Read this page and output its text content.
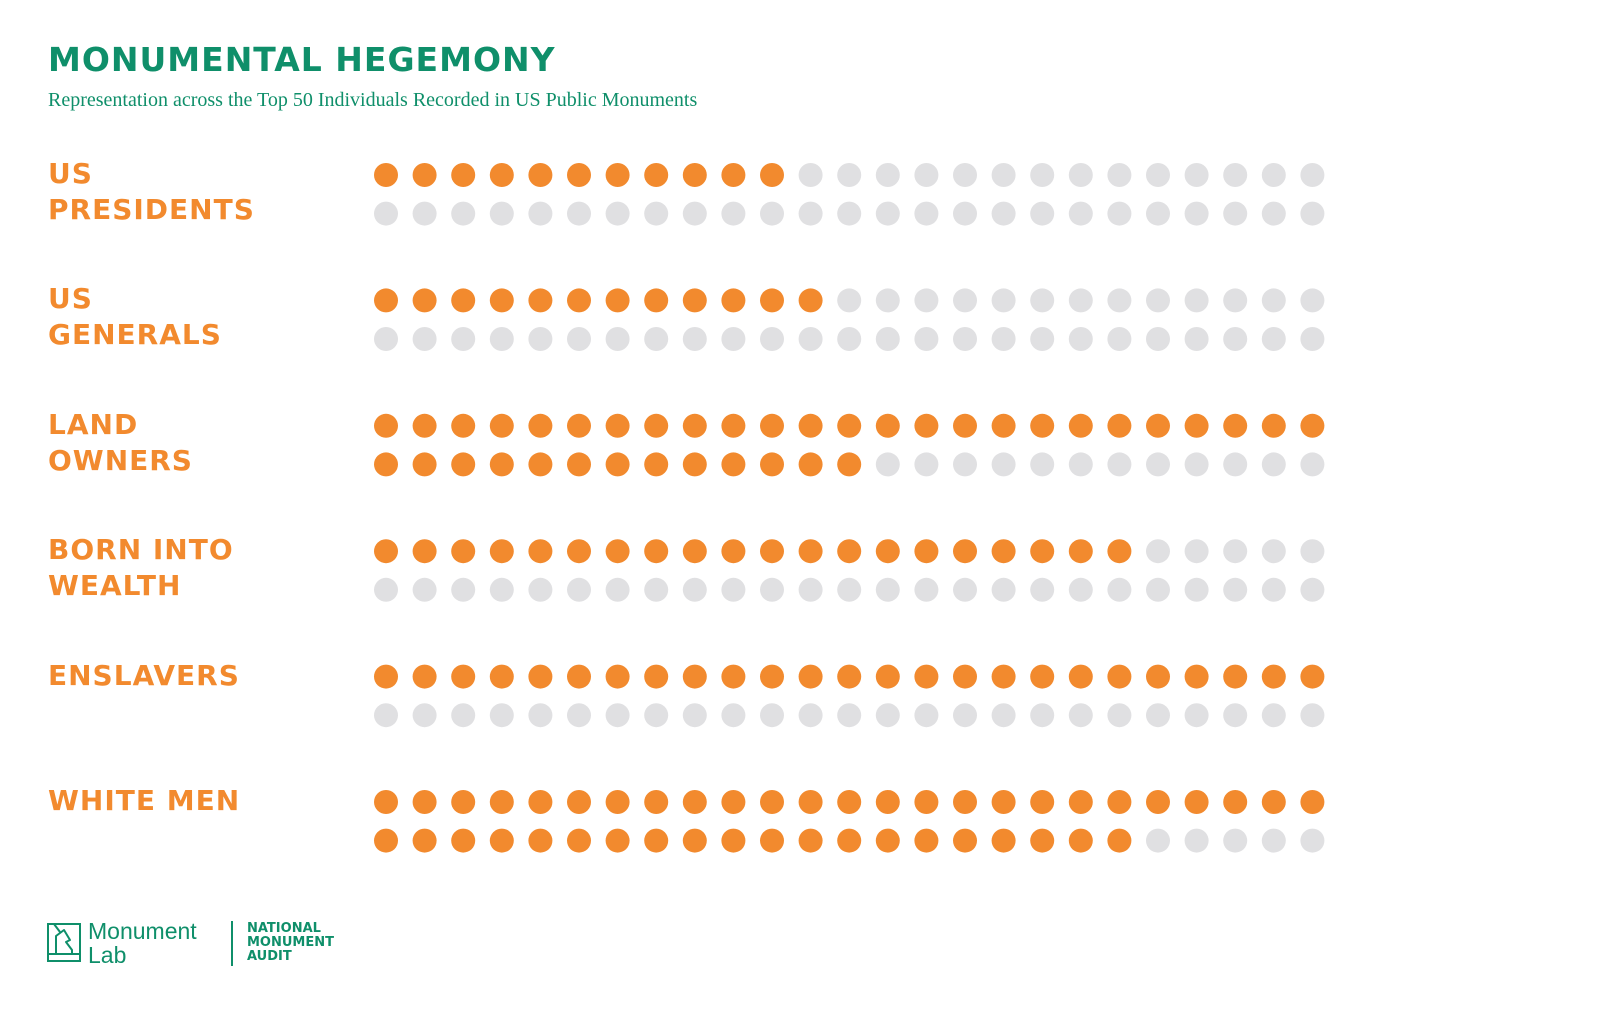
MONUMENTAL HEGEMONY

Representation across the Top 50 Individuals Recorded in US Public Monuments

US
PRESIDENTS
US
GENERALS
LAND
OWNERS
BORN INTO
WEALTH
ENSLAVERS
WHITE MEN
Monument
Lab
NATIONAL
MONUMENT
AUDIT
